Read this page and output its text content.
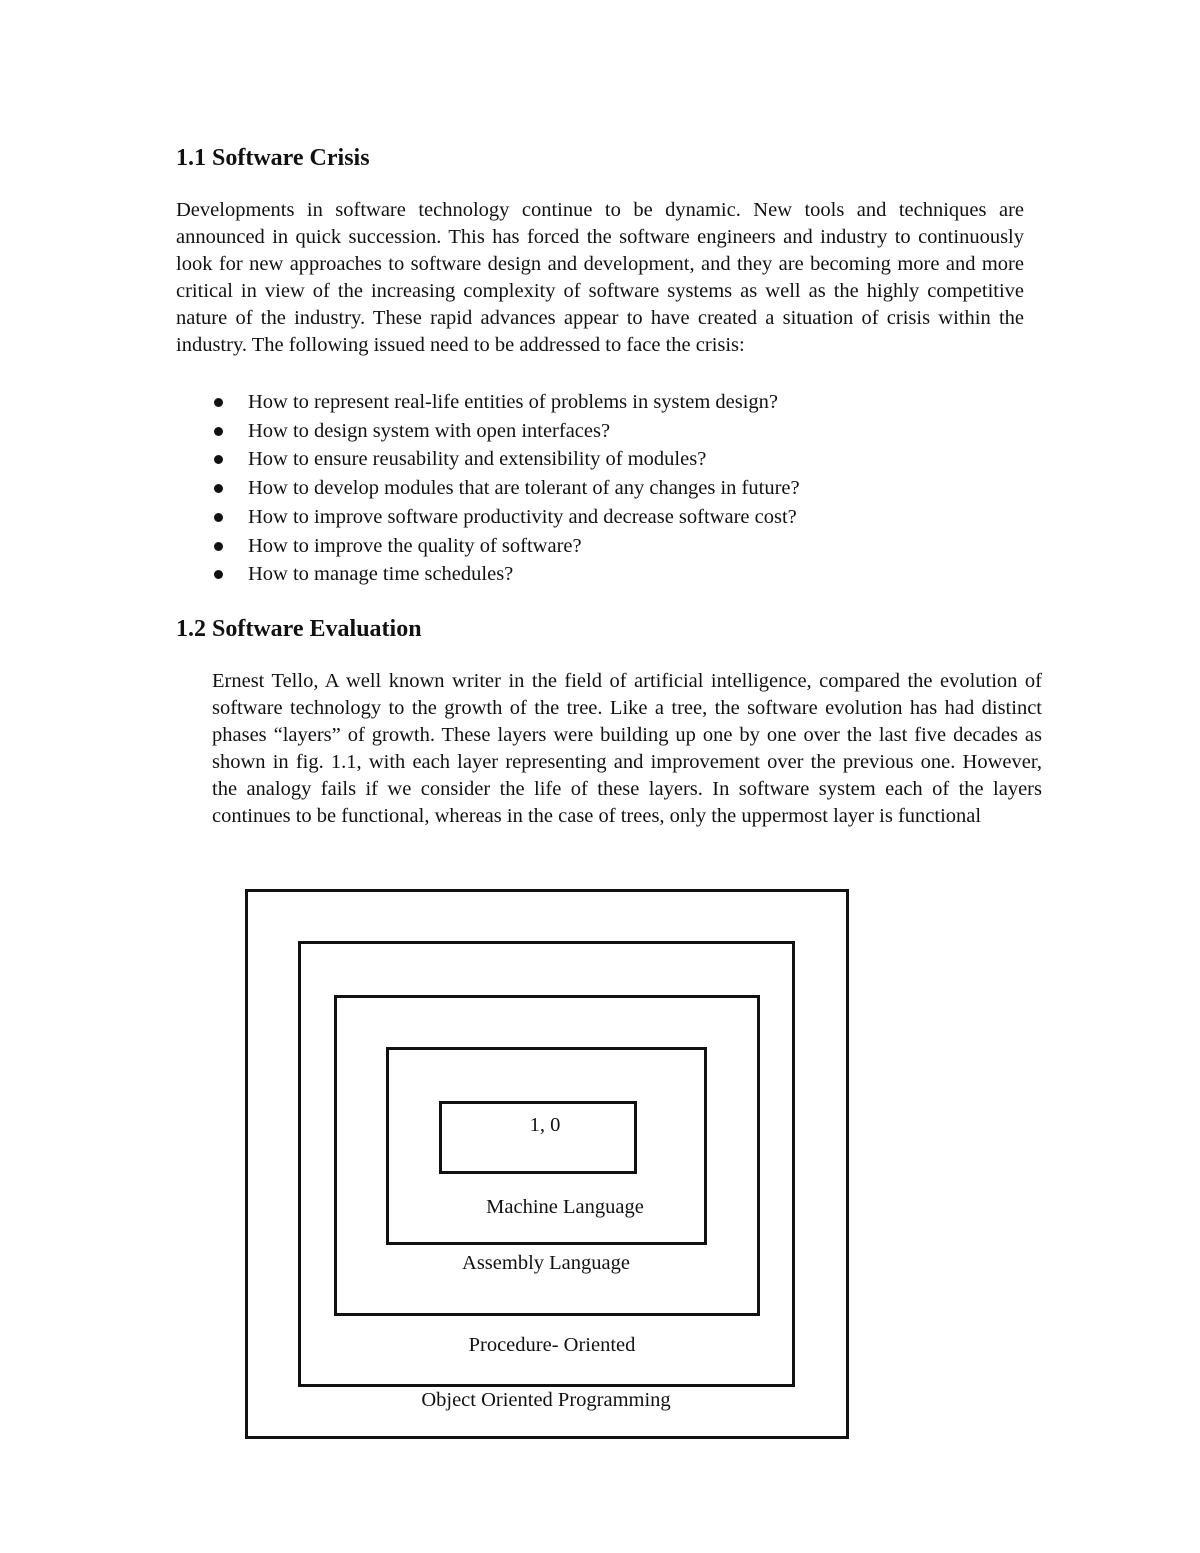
1.1 Software Crisis

Developments in software technology continue to be dynamic. New tools and techniques are announced in quick succession. This has forced the software engineers and industry to continuously look for new approaches to software design and development, and they are becoming more and more critical in view of the increasing complexity of software systems as well as the highly competitive nature of the industry. These rapid advances appear to have created a situation of crisis within the industry. The following issued need to be addressed to face the crisis:

How to represent real-life entities of problems in system design?
How to design system with open interfaces?
How to ensure reusability and extensibility of modules?
How to develop modules that are tolerant of any changes in future?
How to improve software productivity and decrease software cost?
How to improve the quality of software?
How to manage time schedules?
1.2 Software Evaluation

Ernest Tello, A well known writer in the field of artificial intelligence, compared the evolution of software technology to the growth of the tree. Like a tree, the software evolution has had distinct phases “layers” of growth. These layers were building up one by one over the last five decades as shown in fig. 1.1, with each layer representing and improvement over the previous one. However, the analogy fails if we consider the life of these layers. In software system each of the layers continues to be functional, whereas in the case of trees, only the uppermost layer is functional

1, 0
Machine Language
Assembly Language
Procedure- Oriented
Object Oriented Programming
